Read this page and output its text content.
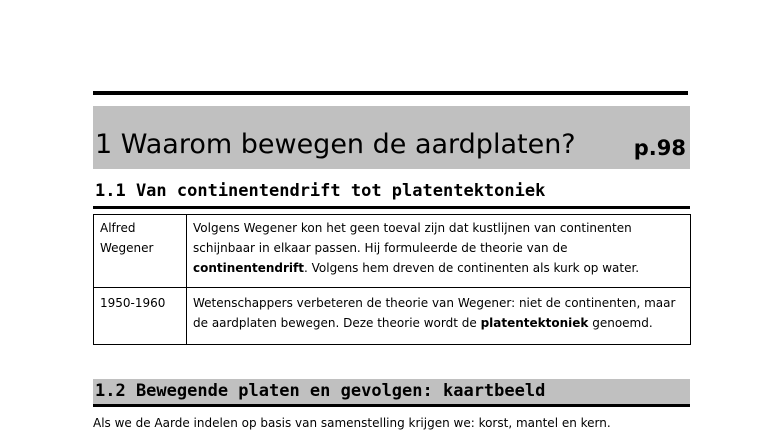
1 Waarom bewegen de aardplaten?	p.98
1.1 Van continentendrift tot platentektoniek
Alfred
Wegener	Volgens Wegener kon het geen toeval zijn dat kustlijnen van continenten schijnbaar in elkaar passen. Hij formuleerde de theorie van de continentendrift. Volgens hem dreven de continenten als kurk op water.
1950-1960	Wetenschappers verbeteren de theorie van Wegener: niet de continenten, maar de aardplaten bewegen. Deze theorie wordt de platentektoniek genoemd.
1.2 Bewegende platen en gevolgen: kaartbeeld
Als we de Aarde indelen op basis van samenstelling krijgen we: korst, mantel en kern.
